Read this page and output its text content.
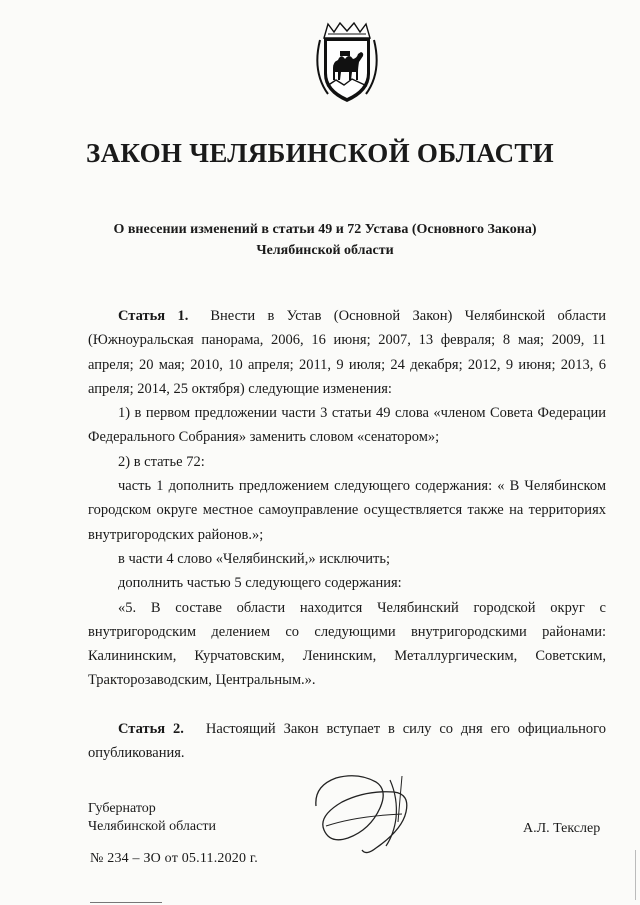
ЗАКОН ЧЕЛЯБИНСКОЙ ОБЛАСТИ
О внесении изменений в статьи 49 и 72 Устава (Основного Закона)
Челябинской области

Статья 1. Внести в Устав (Основной Закон) Челябинской области (Южноуральская панорама, 2006, 16 июня; 2007, 13 февраля; 8 мая; 2009, 11 апреля; 20 мая; 2010, 10 апреля; 2011, 9 июля; 24 декабря; 2012, 9 июня; 2013, 6 апреля; 2014, 25 октября) следующие изменения:

1) в первом предложении части 3 статьи 49 слова «членом Совета Федерации Федерального Собрания» заменить словом «сенатором»;

2) в статье 72:

часть 1 дополнить предложением следующего содержания: « В Челябинском городском округе местное самоуправление осуществляется также на территориях внутригородских районов.»;

в части 4 слово «Челябинский,» исключить;

дополнить частью 5 следующего содержания:

«5. В составе области находится Челябинский городской округ с внутригородским делением со следующими внутригородскими районами: Калининским, Курчатовским, Ленинским, Металлургическим, Советским, Тракторозаводским, Центральным.».

Статья 2. Настоящий Закон вступает в силу со дня его официального опубликования.

Губернатор
Челябинской области	А.Л. Текслер
№ 234 – ЗО от 05.11.2020 г.
